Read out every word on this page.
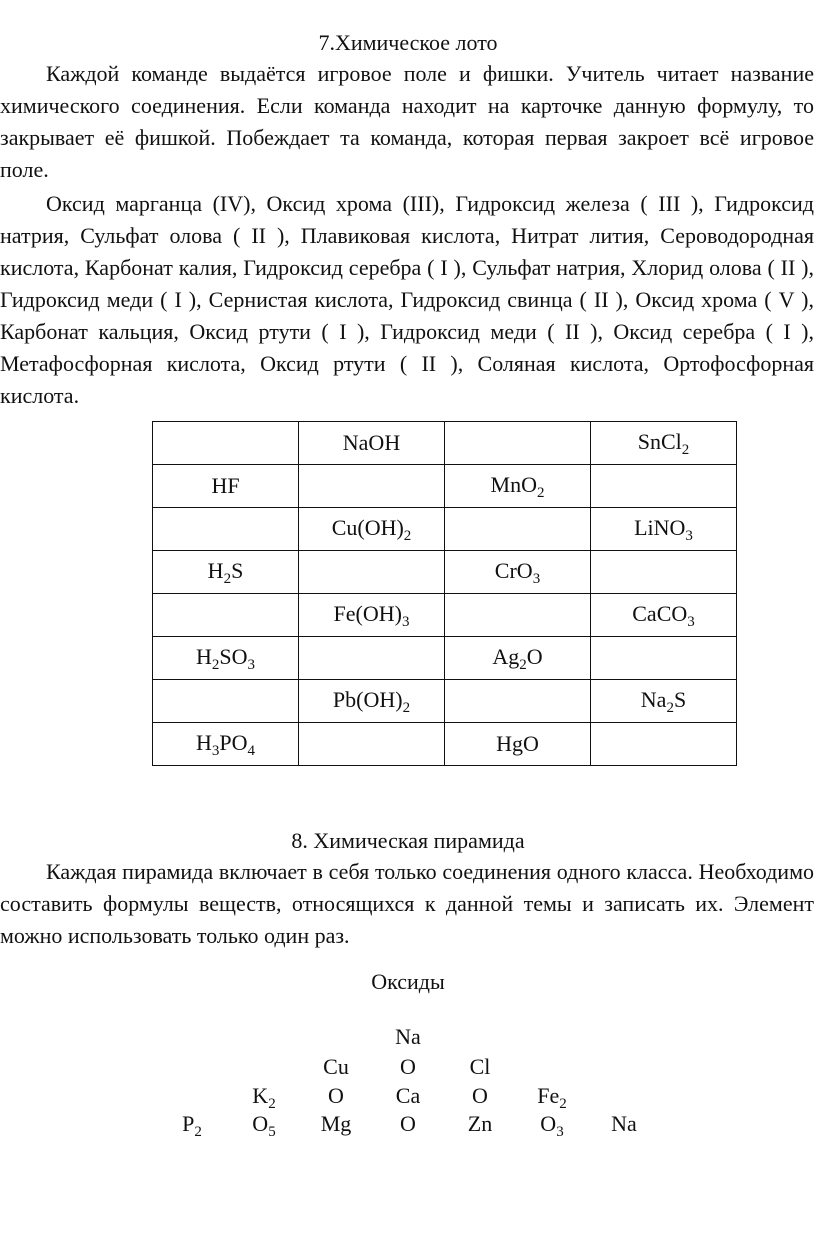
7.Химическое лото

Каждой команде выдаётся игровое поле и фишки. Учитель читает название химического соединения. Если команда находит на карточке данную формулу, то закрывает её фишкой. Побеждает та команда, которая первая закроет всё игровое поле.

Оксид марганца (IV), Оксид хрома (III), Гидроксид железа ( III ), Гидроксид натрия, Сульфат олова ( II ), Плавиковая кислота, Нитрат лития, Сероводородная кислота, Карбонат калия, Гидроксид серебра ( I ), Сульфат натрия, Хлорид олова ( II ), Гидроксид меди ( I ), Сернистая кислота, Гидроксид свинца ( II ), Оксид хрома ( V ), Карбонат кальция, Оксид ртути ( I ), Гидроксид меди ( II ), Оксид серебра ( I ), Метафосфорная кислота, Оксид ртути ( II ), Соляная кислота, Ортофосфорная кислота.

	NaOH		SnCl$_2$
HF		MnO$_2$	
	$Cu(OH)_2$		LiNO$_3$
$H_2S$		CrO$_3$	
	$Fe(OH)_3$		CaCO$_3$
$H_2SO_3$		$Ag_2O$	
	$Pb(OH)_2$		$Na_2S$
$H_3PO_4$		HgO	
8. Химическая пирамида

Каждая пирамида включает в себя только соединения одного класса. Необходимо составить формулы веществ, относящихся к данной темы и записать их. Элемент можно использовать только один раз.

Оксиды
Na
Cu	O	Cl
$K_2$	O	Ca	O	$Fe_2$
$P_2$	$O_5$	Mg	O	Zn	$O_3$	Na
